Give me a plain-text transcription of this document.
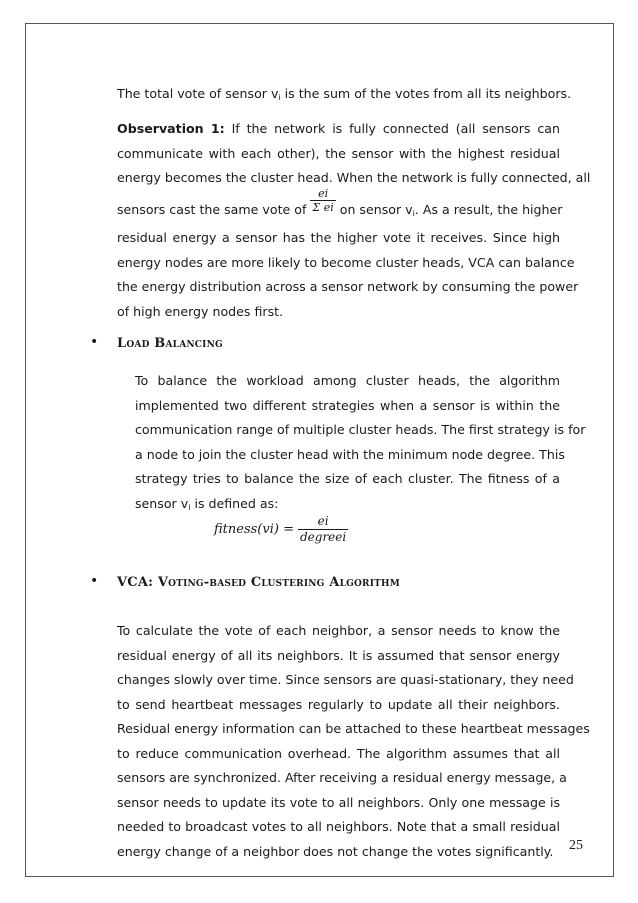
The total vote of sensor $v_i$ is the sum of the votes from all its neighbors.
Observation 1: If the network is fully connected (all sensors can
communicate with each other), the sensor with the highest residual
energy becomes the cluster head. When the network is fully connected, all
sensors cast the same vote of $\frac{ei}{\text{Σ ei}}$ on sensor $v_i$. As a result, the higher
residual energy a sensor has the higher vote it receives. Since high
energy nodes are more likely to become cluster heads, VCA can balance
the energy distribution across a sensor network by consuming the power
of high energy nodes first.
• Load Balancing
To balance the workload among cluster heads, the algorithm
implemented two different strategies when a sensor is within the
communication range of multiple cluster heads. The first strategy is for
a node to join the cluster head with the minimum node degree. This
strategy tries to balance the size of each cluster. The fitness of a
sensor $v_i$ is defined as:
fitness(vi) = $\frac{ei}{\text{degreei}}$
• VCA: Voting-based Clustering Algorithm
To calculate the vote of each neighbor, a sensor needs to know the
residual energy of all its neighbors. It is assumed that sensor energy
changes slowly over time. Since sensors are quasi-stationary, they need
to send heartbeat messages regularly to update all their neighbors.
Residual energy information can be attached to these heartbeat messages
to reduce communication overhead. The algorithm assumes that all
sensors are synchronized. After receiving a residual energy message, a
sensor needs to update its vote to all neighbors. Only one message is
needed to broadcast votes to all neighbors. Note that a small residual
energy change of a neighbor does not change the votes significantly.	25
